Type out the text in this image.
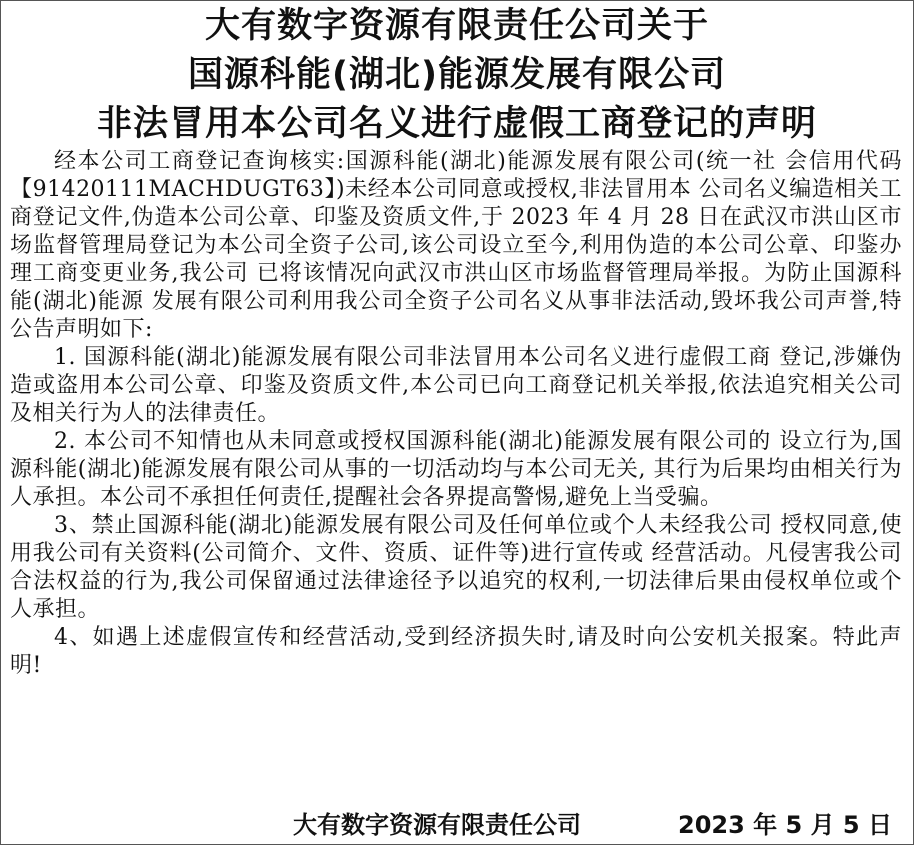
大有数字资源有限责任公司关于
国源科能(湖北)能源发展有限公司
非法冒用本公司名义进行虚假工商登记的声明

经本公司工商登记查询核实:国源科能(湖北)能源发展有限公司(统一社 会信用代码【91420111MACHDUGT63】)未经本公司同意或授权,非法冒用本 公司名义编造相关工商登记文件,伪造本公司公章、印鉴及资质文件,于 2023 年 4 月 28 日在武汉市洪山区市场监督管理局登记为本公司全资子公司,该公司设立至今,利用伪造的本公司公章、印鉴办理工商变更业务,我公司 已将该情况向武汉市洪山区市场监督管理局举报。为防止国源科能(湖北)能源 发展有限公司利用我公司全资子公司名义从事非法活动,毁坏我公司声誉,特公告声明如下:

1. 国源科能(湖北)能源发展有限公司非法冒用本公司名义进行虚假工商 登记,涉嫌伪造或盗用本公司公章、印鉴及资质文件,本公司已向工商登记机关举报,依法追究相关公司及相关行为人的法律责任。

2. 本公司不知情也从未同意或授权国源科能(湖北)能源发展有限公司的 设立行为,国源科能(湖北)能源发展有限公司从事的一切活动均与本公司无关, 其行为后果均由相关行为人承担。本公司不承担任何责任,提醒社会各界提高警惕,避免上当受骗。

3、禁止国源科能(湖北)能源发展有限公司及任何单位或个人未经我公司 授权同意,使用我公司有关资料(公司简介、文件、资质、证件等)进行宣传或 经营活动。凡侵害我公司合法权益的行为,我公司保留通过法律途径予以追究的权利,一切法律后果由侵权单位或个人承担。

4、如遇上述虚假宣传和经营活动,受到经济损失时,请及时向公安机关报案。特此声明!

大有数字资源有限责任公司	2023 年 5 月 5 日
